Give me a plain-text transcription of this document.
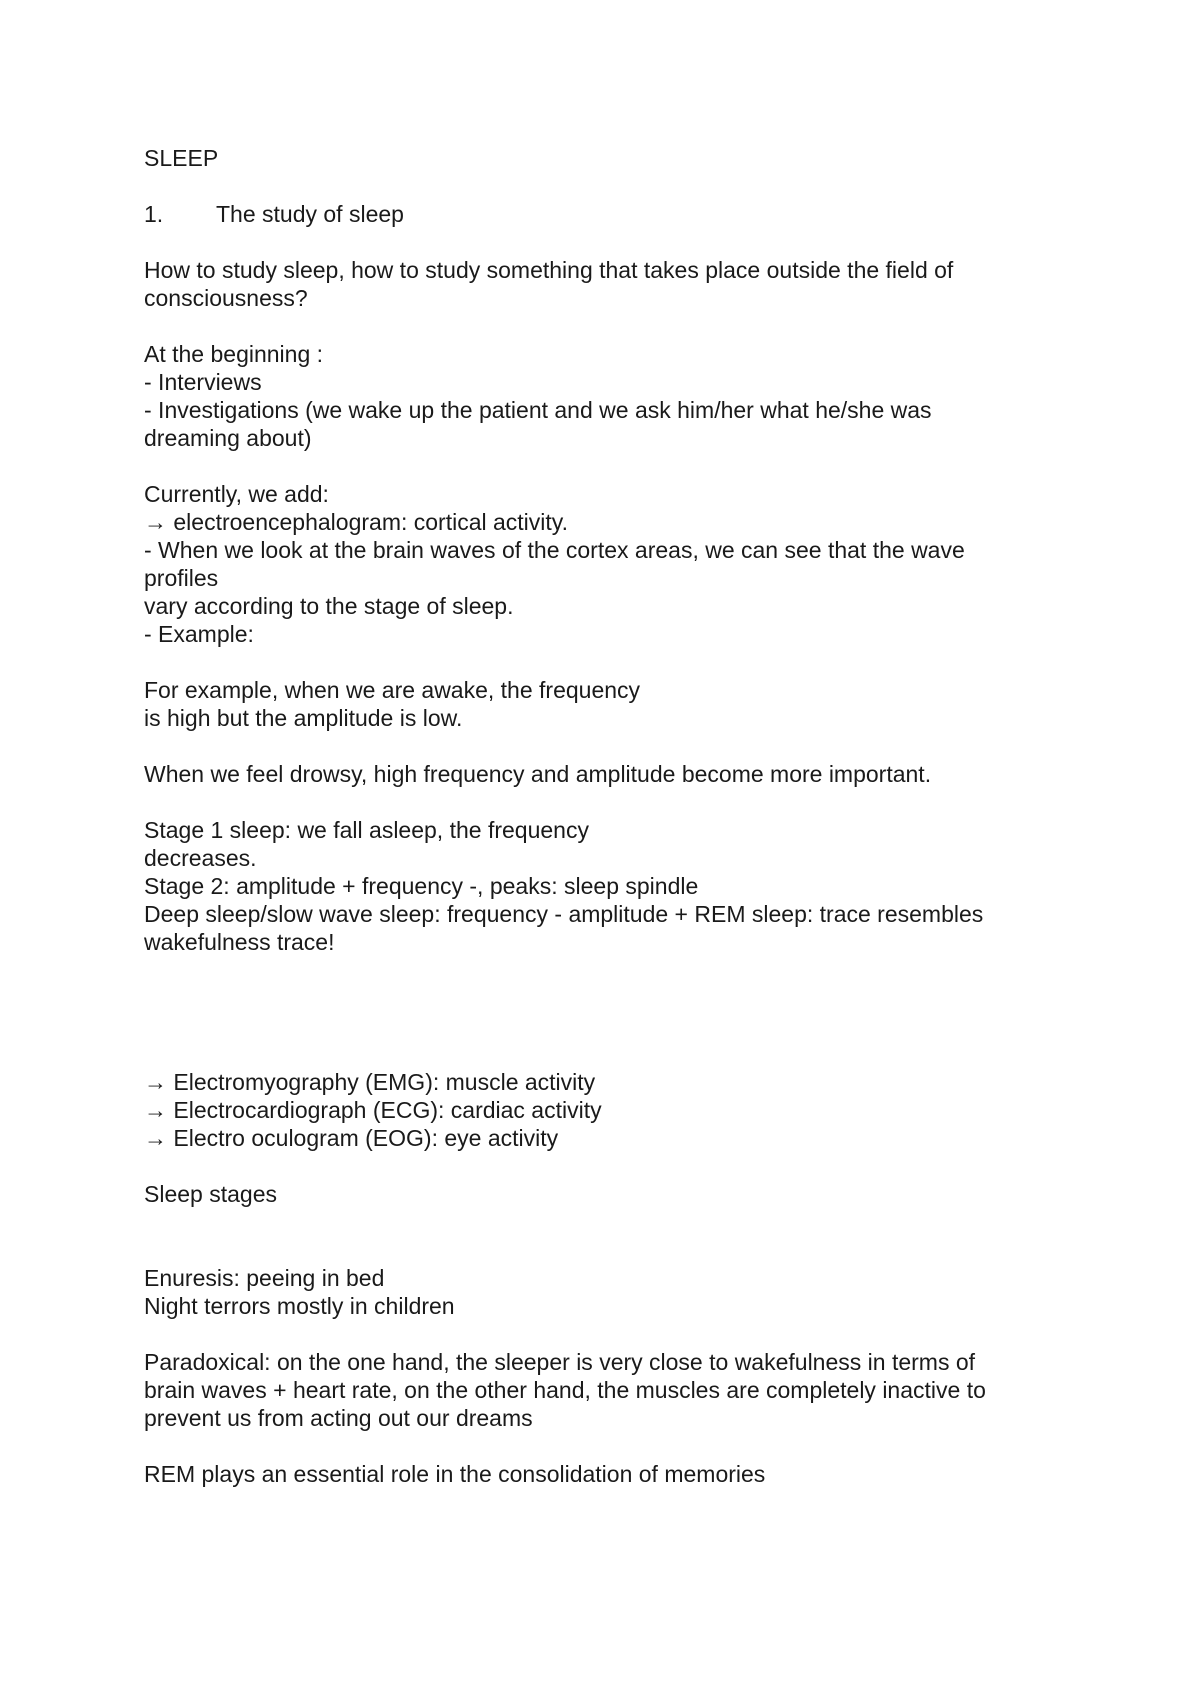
SLEEP
1.	The study of sleep
How to study sleep, how to study something that takes place outside the field of
consciousness?
At the beginning :
- Interviews
- Investigations (we wake up the patient and we ask him/her what he/she was
dreaming about)
Currently, we add:
→ electroencephalogram: cortical activity.
- When we look at the brain waves of the cortex areas, we can see that the wave
profiles
vary according to the stage of sleep.
- Example:
For example, when we are awake, the frequency
is high but the amplitude is low.
When we feel drowsy, high frequency and amplitude become more important.
Stage 1 sleep: we fall asleep, the frequency
decreases.
Stage 2: amplitude + frequency -, peaks: sleep spindle
Deep sleep/slow wave sleep: frequency - amplitude + REM sleep: trace resembles
wakefulness trace!
→ Electromyography (EMG): muscle activity
→ Electrocardiograph (ECG): cardiac activity
→ Electro oculogram (EOG): eye activity
Sleep stages
Enuresis: peeing in bed
Night terrors mostly in children
Paradoxical: on the one hand, the sleeper is very close to wakefulness in terms of
brain waves + heart rate, on the other hand, the muscles are completely inactive to
prevent us from acting out our dreams
REM plays an essential role in the consolidation of memories
